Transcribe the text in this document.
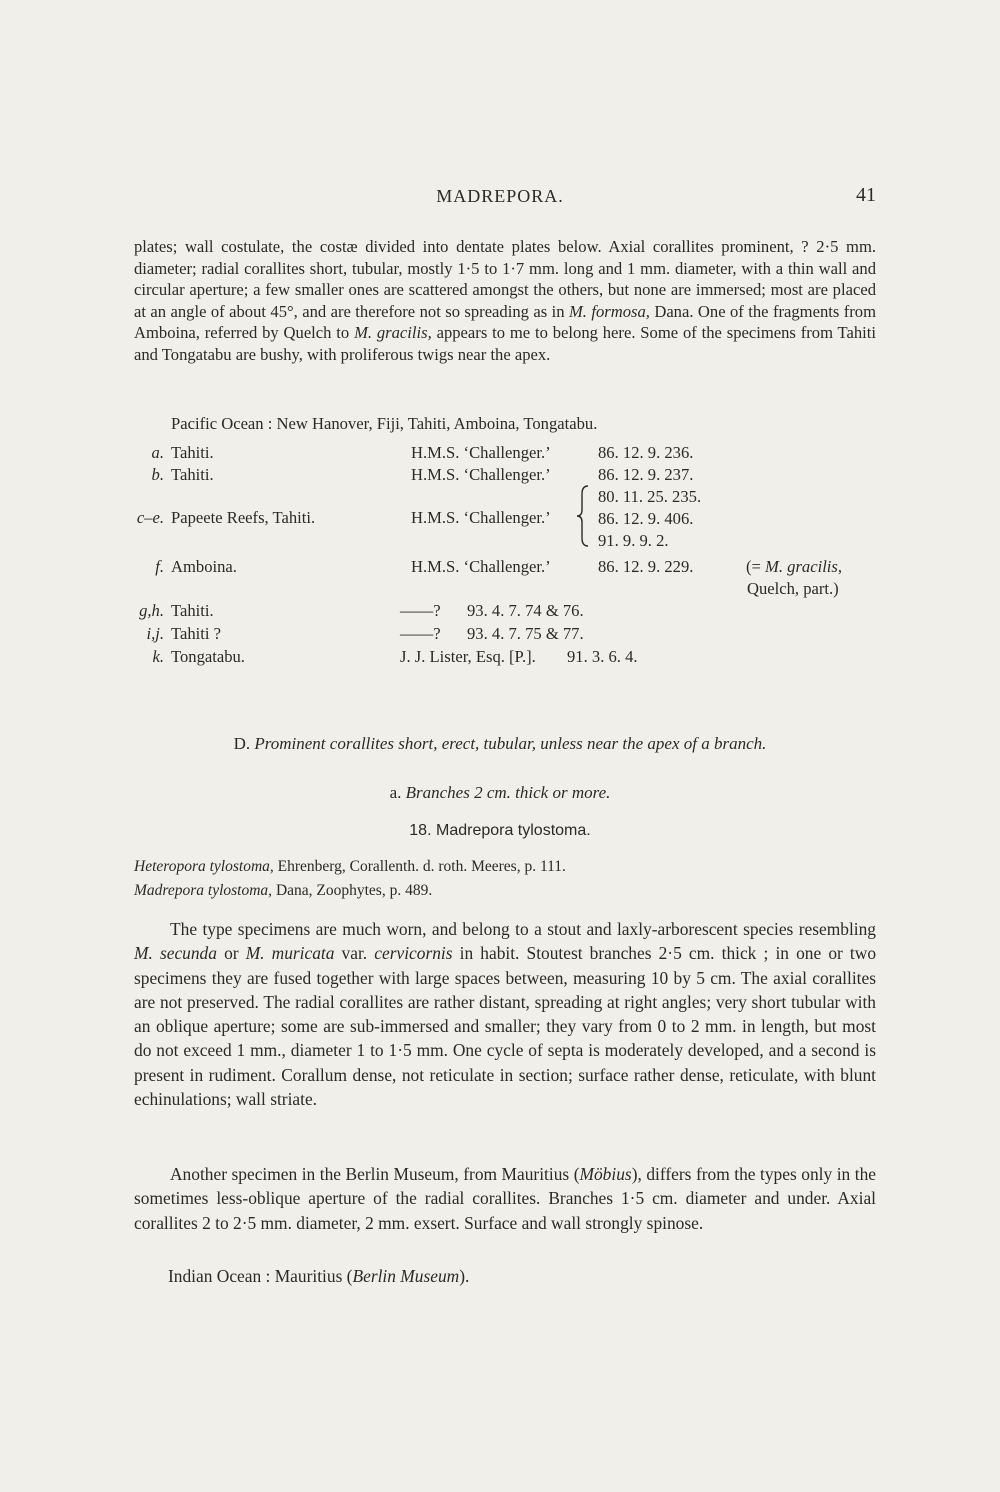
MADREPORA.	41

plates; wall costulate, the costæ divided into dentate plates below. Axial corallites prominent, ? 2·5 mm. diameter; radial corallites short, tubular, mostly 1·5 to 1·7 mm. long and 1 mm. diameter, with a thin wall and circular aperture; a few smaller ones are scattered amongst the others, but none are immersed; most are placed at an angle of about 45°, and are therefore not so spreading as in M. formosa, Dana. One of the fragments from Amboina, referred by Quelch to M. gracilis, appears to me to belong here. Some of the specimens from Tahiti and Tongatabu are bushy, with proliferous twigs near the apex.

Pacific Ocean : New Hanover, Fiji, Tahiti, Amboina, Tongatabu.
a. Tahiti.	H.M.S. ‘Challenger.’	86. 12. 9. 236.
b. Tahiti.	H.M.S. ‘Challenger.’	86. 12. 9. 237.
c–e. Papeete Reefs, Tahiti.	H.M.S. ‘Challenger.’
80. 11. 25. 235.
86. 12. 9. 406.
91. 9. 9. 2.
f. Amboina.	H.M.S. ‘Challenger.’	86. 12. 9. 229.	(= M. gracilis,
Quelch, part.)
g,h. Tahiti.	——? 93. 4. 7. 74 & 76.
i,j. Tahiti ?	——? 93. 4. 7. 75 & 77.
k. Tongatabu.	J. J. Lister, Esq. [P.]. 91. 3. 6. 4.
D. Prominent corallites short, erect, tubular, unless near the apex of a branch.
a. Branches 2 cm. thick or more.
18. Madrepora tylostoma.
Heteropora tylostoma, Ehrenberg, Corallenth. d. roth. Meeres, p. 111.
Madrepora tylostoma, Dana, Zoophytes, p. 489.

The type specimens are much worn, and belong to a stout and laxly-arborescent species resembling M. secunda or M. muricata var. cervicornis in habit. Stoutest branches 2·5 cm. thick ; in one or two specimens they are fused together with large spaces between, measuring 10 by 5 cm. The axial corallites are not preserved. The radial corallites are rather distant, spreading at right angles; very short tubular with an oblique aperture; some are sub-immersed and smaller; they vary from 0 to 2 mm. in length, but most do not exceed 1 mm., diameter 1 to 1·5 mm. One cycle of septa is moderately developed, and a second is present in rudiment. Corallum dense, not reticulate in section; surface rather dense, reticulate, with blunt echinulations; wall striate.

Another specimen in the Berlin Museum, from Mauritius (Möbius), differs from the types only in the sometimes less-oblique aperture of the radial corallites. Branches 1·5 cm. diameter and under. Axial corallites 2 to 2·5 mm. diameter, 2 mm. exsert. Surface and wall strongly spinose.

Indian Ocean : Mauritius (Berlin Museum).
